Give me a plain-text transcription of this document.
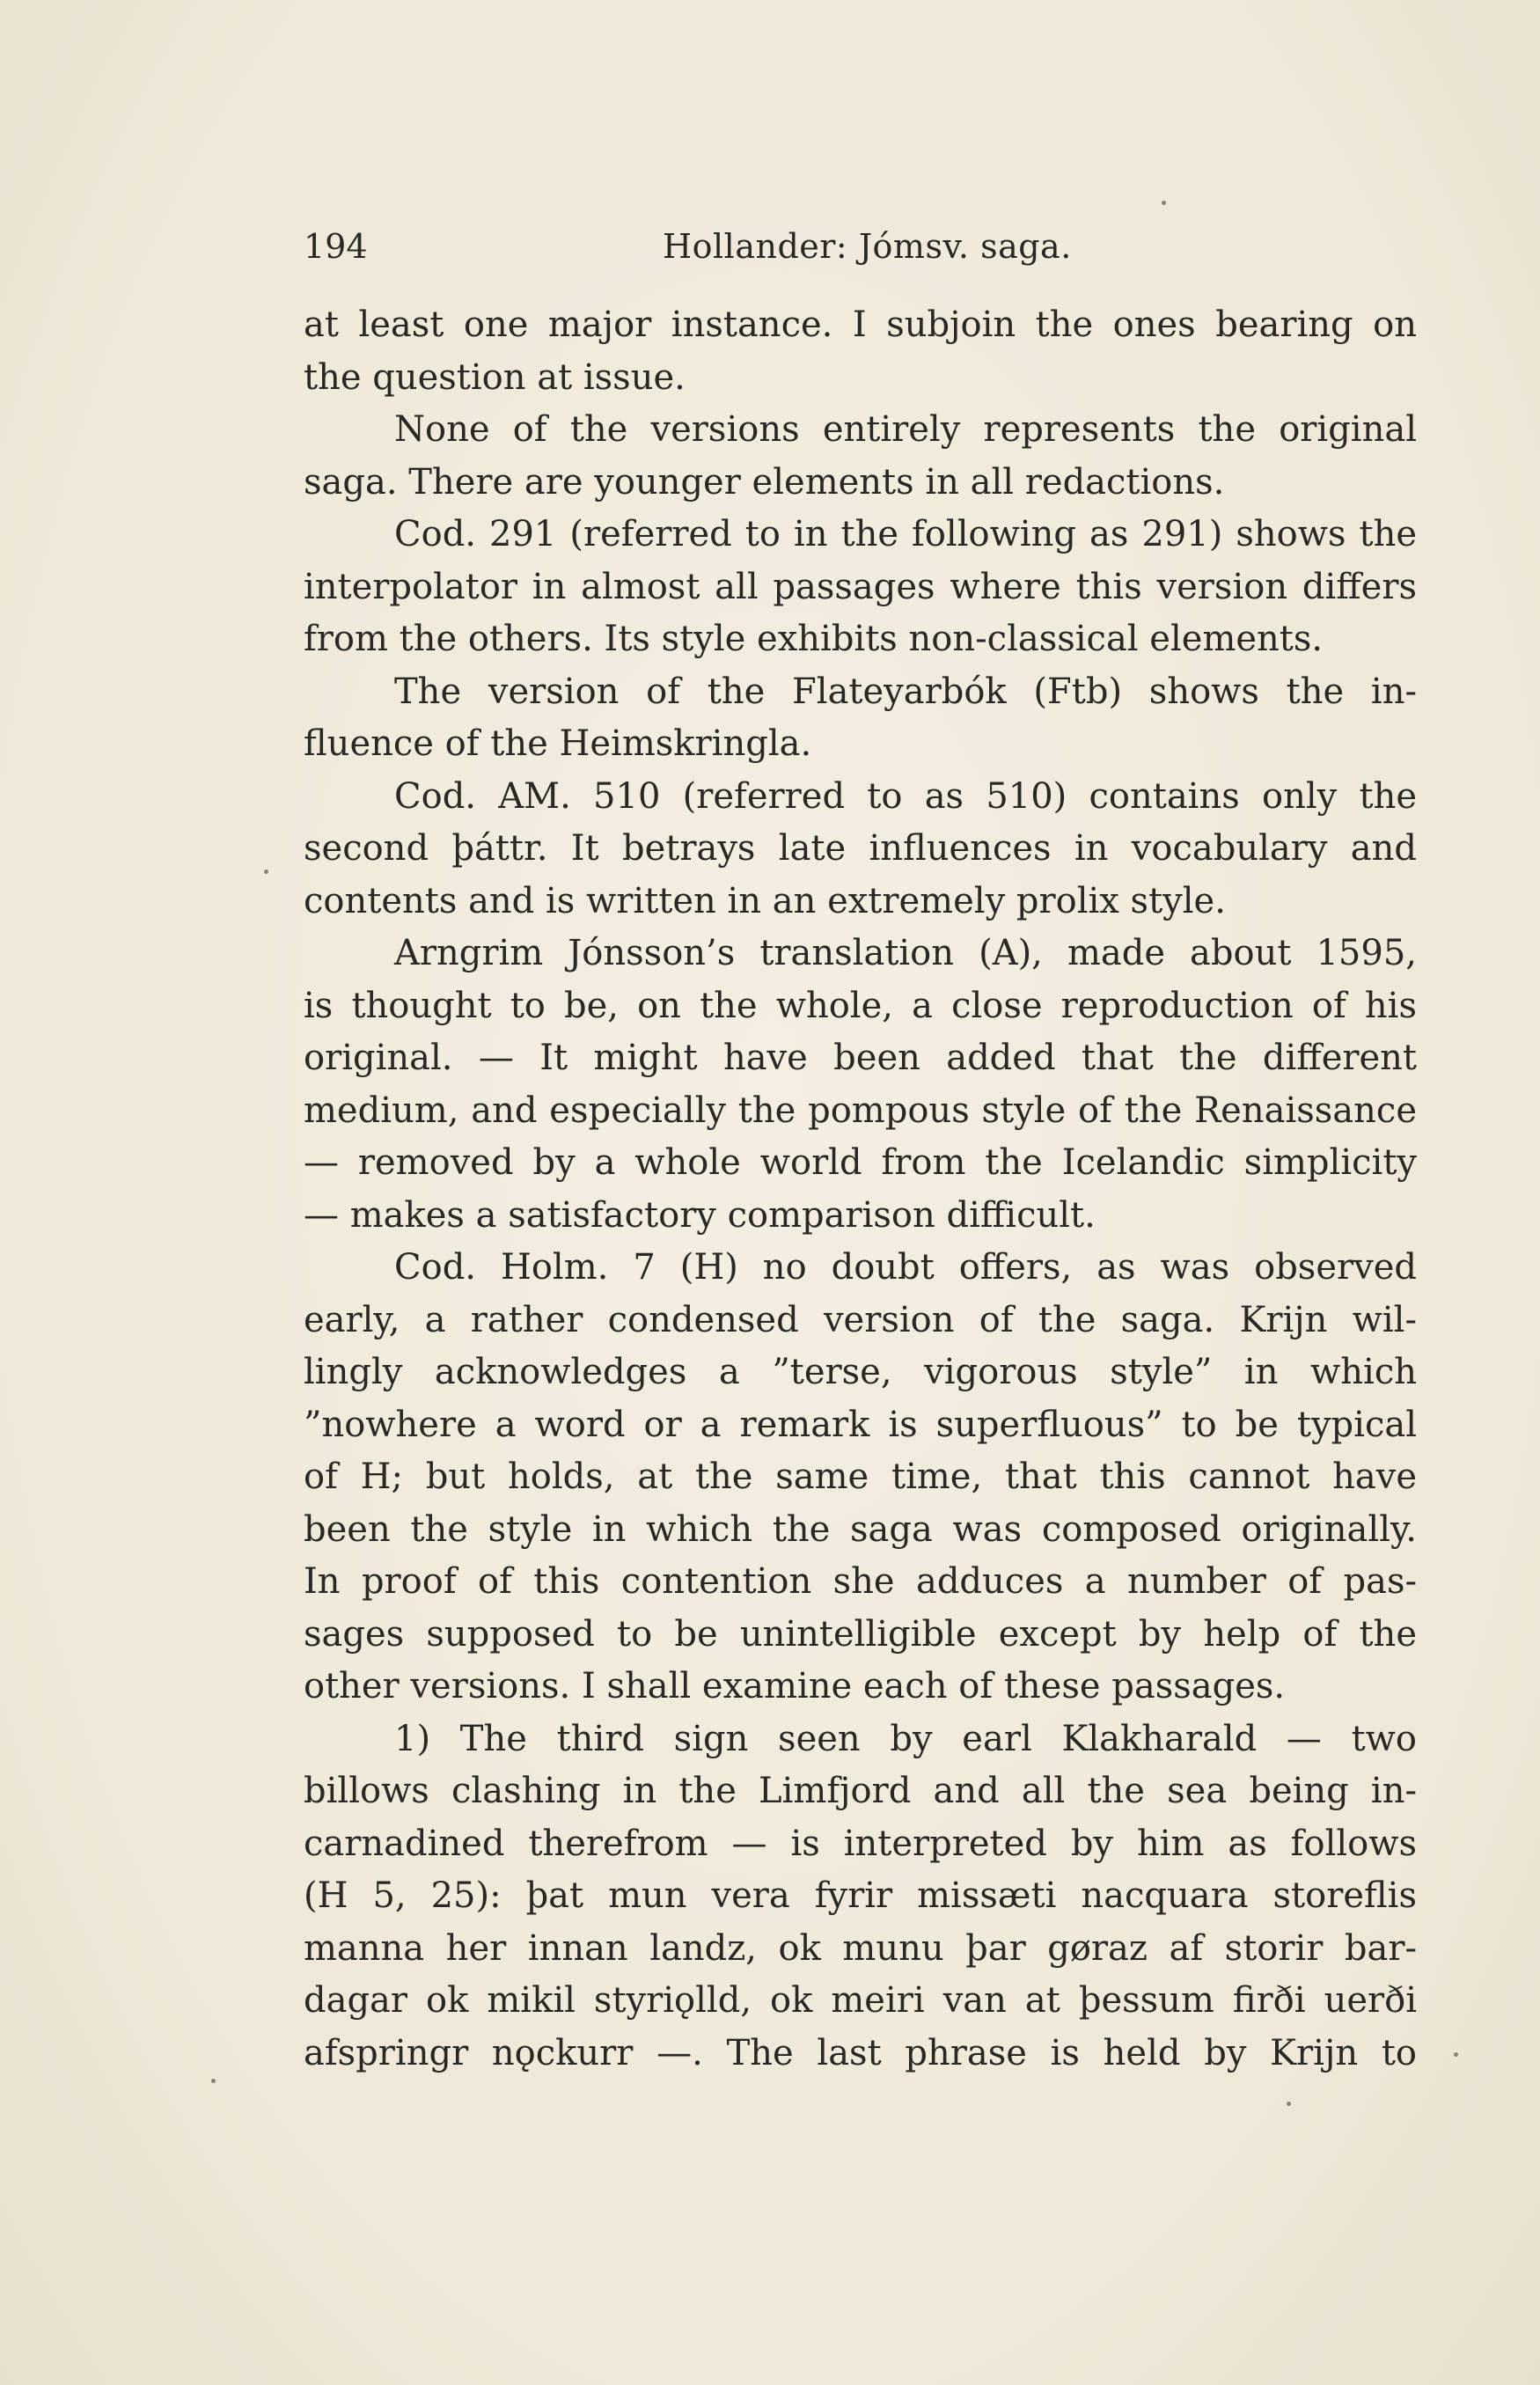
194	Hollander: Jómsv. saga.
at least one major instance. I subjoin the ones bearing on
the question at issue.
None of the versions entirely represents the original
saga. There are younger elements in all redactions.
Cod. 291 (referred to in the following as 291) shows the
interpolator in almost all passages where this version differs
from the others. Its style exhibits non-classical elements.
The version of the Flateyarbók (Ftb) shows the in-
fluence of the Heimskringla.
Cod. AM. 510 (referred to as 510) contains only the
second þáttr. It betrays late influences in vocabulary and
contents and is written in an extremely prolix style.
Arngrim Jónsson’s translation (A), made about 1595,
is thought to be, on the whole, a close reproduction of his
original. — It might have been added that the different
medium, and especially the pompous style of the Renaissance
— removed by a whole world from the Icelandic simplicity
— makes a satisfactory comparison difficult.
Cod. Holm. 7 (H) no doubt offers, as was observed
early, a rather condensed version of the saga. Krijn wil-
lingly acknowledges a ”terse, vigorous style” in which
”nowhere a word or a remark is superfluous” to be typical
of H; but holds, at the same time, that this cannot have
been the style in which the saga was composed originally.
In proof of this contention she adduces a number of pas-
sages supposed to be unintelligible except by help of the
other versions. I shall examine each of these passages.
1) The third sign seen by earl Klakharald — two
billows clashing in the Limfjord and all the sea being in-
carnadined therefrom — is interpreted by him as follows
(H 5, 25): þat mun vera fyrir missæti nacquara storeflis
manna her innan landz, ok munu þar gøraz af storir bar-
dagar ok mikil styriǫlld, ok meiri van at þessum firði uerði
afspringr nǫckurr —. The last phrase is held by Krijn to
